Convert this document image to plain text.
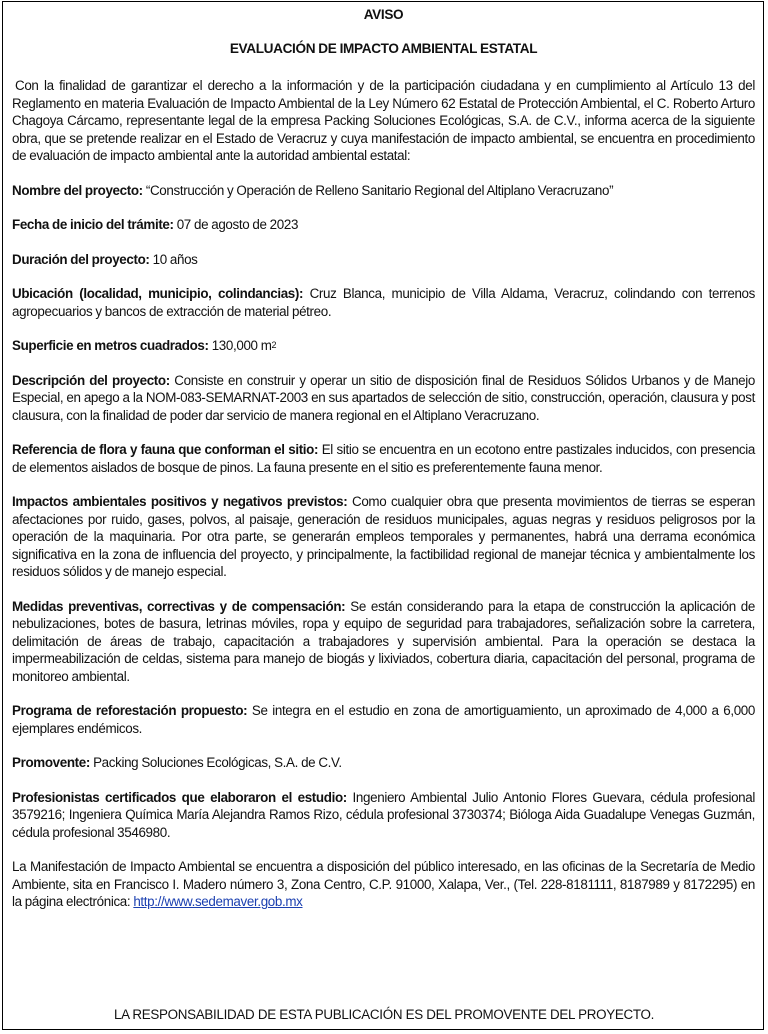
AVISO
EVALUACIÓN DE IMPACTO AMBIENTAL ESTATAL

Con la finalidad de garantizar el derecho a la información y de la participación ciudadana y en cumplimiento al Artículo 13 del Reglamento en materia Evaluación de Impacto Ambiental de la Ley Número 62 Estatal de Protección Ambiental, el C. Roberto Arturo Chagoya Cárcamo, representante legal de la empresa Packing Soluciones Ecológicas, S.A. de C.V., informa acerca de la siguiente obra, que se pretende realizar en el Estado de Veracruz y cuya manifestación de impacto ambiental, se encuentra en procedimiento de evaluación de impacto ambiental ante la autoridad ambiental estatal:

Nombre del proyecto: “Construcción y Operación de Relleno Sanitario Regional del Altiplano Veracruzano”

Fecha de inicio del trámite: 07 de agosto de 2023

Duración del proyecto: 10 años

Ubicación (localidad, municipio, colindancias): Cruz Blanca, municipio de Villa Aldama, Veracruz, colindando con terrenos agropecuarios y bancos de extracción de material pétreo.

Superficie en metros cuadrados: 130,000 $m^2$

Descripción del proyecto: Consiste en construir y operar un sitio de disposición final de Residuos Sólidos Urbanos y de Manejo Especial, en apego a la NOM-083-SEMARNAT-2003 en sus apartados de selección de sitio, construcción, operación, clausura y post clausura, con la finalidad de poder dar servicio de manera regional en el Altiplano Veracruzano.

Referencia de flora y fauna que conforman el sitio: El sitio se encuentra en un ecotono entre pastizales inducidos, con presencia de elementos aislados de bosque de pinos. La fauna presente en el sitio es preferentemente fauna menor.

Impactos ambientales positivos y negativos previstos: Como cualquier obra que presenta movimientos de tierras se esperan afectaciones por ruido, gases, polvos, al paisaje, generación de residuos municipales, aguas negras y residuos peligrosos por la operación de la maquinaria. Por otra parte, se generarán empleos temporales y permanentes, habrá una derrama económica significativa en la zona de influencia del proyecto, y principalmente, la factibilidad regional de manejar técnica y ambientalmente los residuos sólidos y de manejo especial.

Medidas preventivas, correctivas y de compensación: Se están considerando para la etapa de construcción la aplicación de nebulizaciones, botes de basura, letrinas móviles, ropa y equipo de seguridad para trabajadores, señalización sobre la carretera, delimitación de áreas de trabajo, capacitación a trabajadores y supervisión ambiental. Para la operación se destaca la impermeabilización de celdas, sistema para manejo de biogás y lixiviados, cobertura diaria, capacitación del personal, programa de monitoreo ambiental.

Programa de reforestación propuesto: Se integra en el estudio en zona de amortiguamiento, un aproximado de 4,000 a 6,000 ejemplares endémicos.

Promovente: Packing Soluciones Ecológicas, S.A. de C.V.

Profesionistas certificados que elaboraron el estudio: Ingeniero Ambiental Julio Antonio Flores Guevara, cédula profesional 3579216; Ingeniera Química María Alejandra Ramos Rizo, cédula profesional 3730374; Bióloga Aida Guadalupe Venegas Guzmán, cédula profesional 3546980.

La Manifestación de Impacto Ambiental se encuentra a disposición del público interesado, en las oficinas de la Secretaría de Medio Ambiente, sita en Francisco I. Madero número 3, Zona Centro, C.P. 91000, Xalapa, Ver., (Tel. 228-8181111, 8187989 y 8172295) en la página electrónica: http://www.sedemaver.gob.mx

LA RESPONSABILIDAD DE ESTA PUBLICACIÓN ES DEL PROMOVENTE DEL PROYECTO.
